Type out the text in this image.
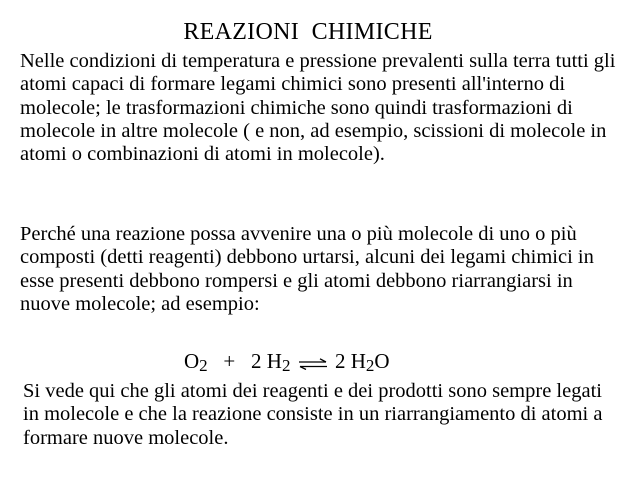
REAZIONI  CHIMICHE

Nelle condizioni di temperatura e pressione prevalenti sulla terra tutti gli atomi capaci di formare legami chimici sono presenti all'interno di molecole; le trasformazioni chimiche sono quindi trasformazioni di molecole in altre molecole ( e non, ad esempio, scissioni di molecole in atomi o combinazioni di atomi in molecole).

Perché una reazione possa avvenire una o più molecole di uno o più composti (detti reagenti) debbono urtarsi, alcuni dei legami chimici in esse presenti debbono rompersi e gli atomi debbono riarrangiarsi in nuove molecole; ad esempio:

O2 + 2 H2 ⇌ 2 H2O

Si vede qui che gli atomi dei reagenti e dei prodotti sono sempre legati in molecole e che la reazione consiste in un riarrangiamento di atomi a formare nuove molecole.
